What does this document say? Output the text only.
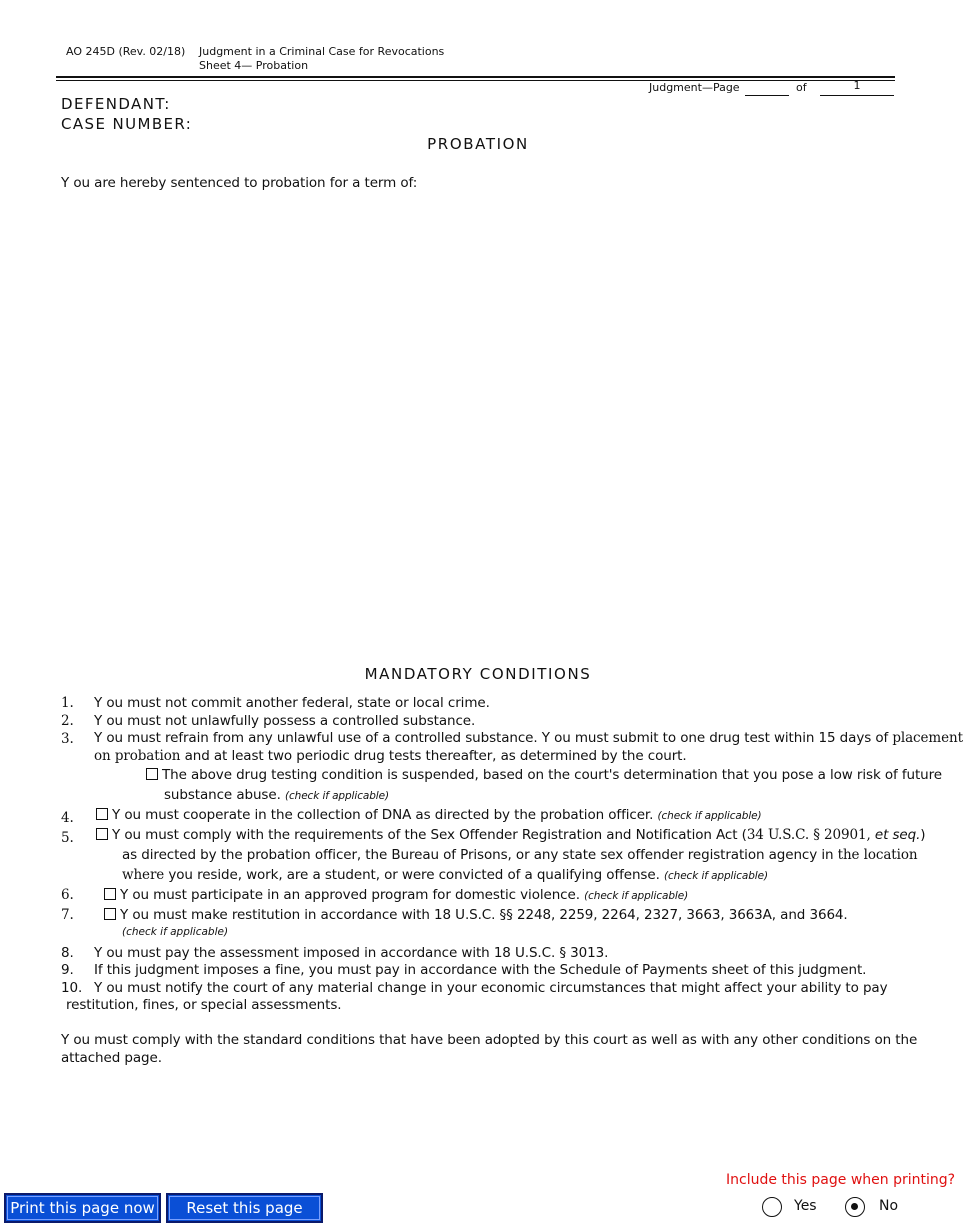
AO 245D (Rev. 02/18) Judgment in a Criminal Case for Revocations
Sheet 4— Probation
Judgment—Page	of	1
DEFENDANT:
CASE NUMBER:
PROBATION
Y ou are hereby sentenced to probation for a term of:
MANDATORY CONDITIONS
1. Y ou must not commit another federal, state or local crime.
2. Y ou must not unlawfully possess a controlled substance.
3. Y ou must refrain from any unlawful use of a controlled substance. Y ou must submit to one drug test within 15 days of placement
on probation and at least two periodic drug tests thereafter, as determined by the court.
The above drug testing condition is suspended, based on the court's determination that you pose a low risk of future
substance abuse. (check if applicable)
4.	Y ou must cooperate in the collection of DNA as directed by the probation officer. (check if applicable)
5.	Y ou must comply with the requirements of the Sex Offender Registration and Notification Act (34 U.S.C. § 20901, et seq.)
as directed by the probation officer, the Bureau of Prisons, or any state sex offender registration agency in the location
where you reside, work, are a student, or were convicted of a qualifying offense. (check if applicable)
6.	Y ou must participate in an approved program for domestic violence. (check if applicable)
7.	Y ou must make restitution in accordance with 18 U.S.C. §§ 2248, 2259, 2264, 2327, 3663, 3663A, and 3664.
(check if applicable)
8. Y ou must pay the assessment imposed in accordance with 18 U.S.C. § 3013.
9. If this judgment imposes a fine, you must pay in accordance with the Schedule of Payments sheet of this judgment.
10. Y ou must notify the court of any material change in your economic circumstances that might affect your ability to pay
restitution, fines, or special assessments.
Y ou must comply with the standard conditions that have been adopted by this court as well as with any other conditions on the
attached page.
Print this page now	Reset this page
Include this page when printing?
Yes	No
